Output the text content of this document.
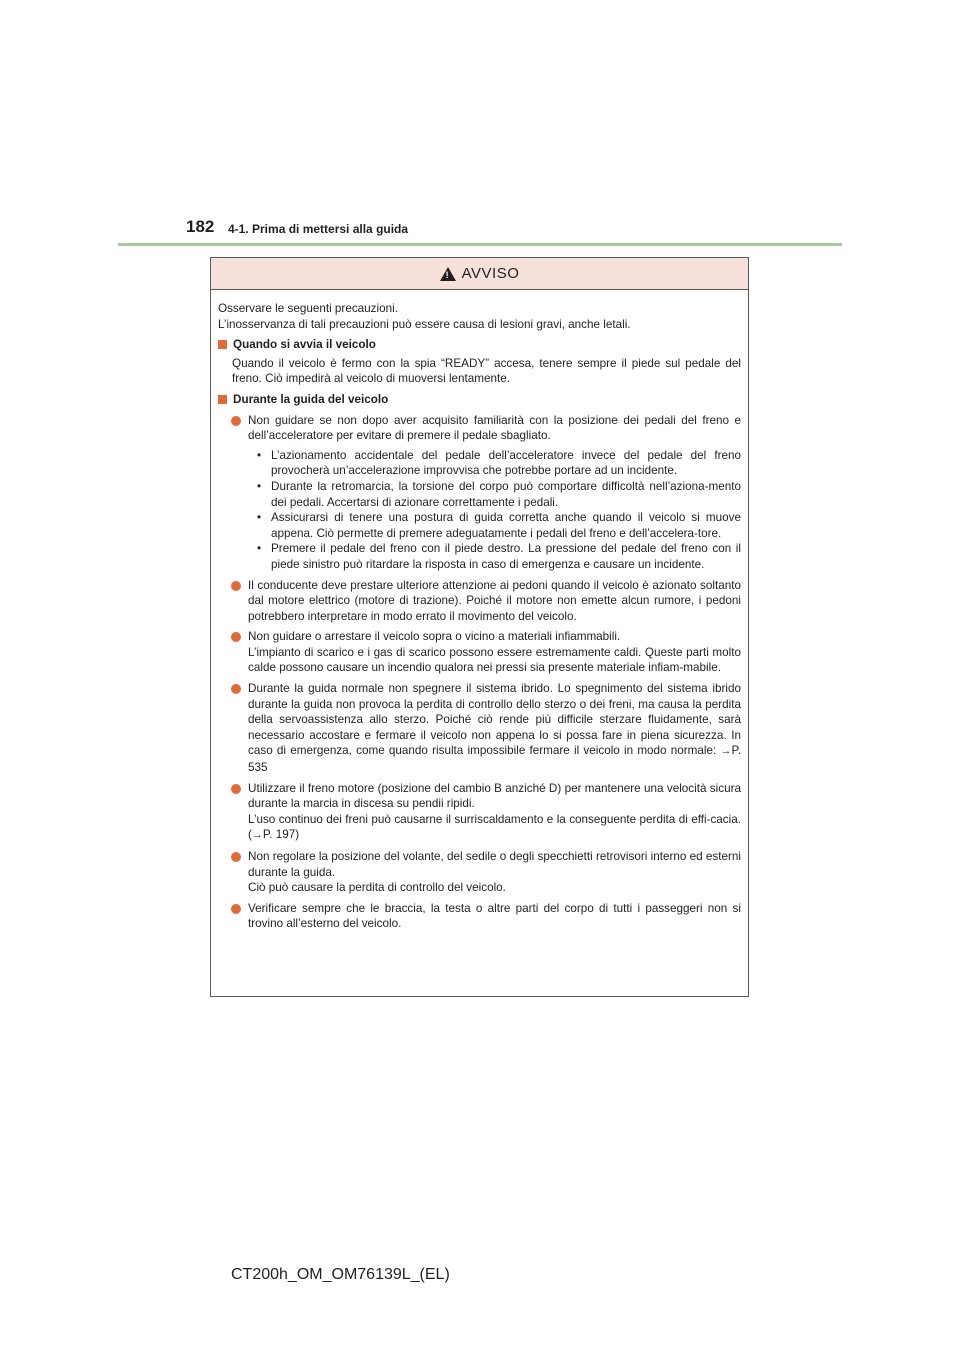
182 4-1. Prima di mettersi alla guida
! AVVISO

Osservare le seguenti precauzioni.

L’inosservanza di tali precauzioni può essere causa di lesioni gravi, anche letali.

Quando si avvia il veicolo

Quando il veicolo è fermo con la spia “READY” accesa, tenere sempre il piede sul pedale del freno. Ciò impedirà al veicolo di muoversi lentamente.

Durante la guida del veicolo

Non guidare se non dopo aver acquisito familiarità con la posizione dei pedali del freno e dell’acceleratore per evitare di premere il pedale sbagliato.

• L’azionamento accidentale del pedale dell’acceleratore invece del pedale del freno provocherà un’accelerazione improvvisa che potrebbe portare ad un incidente.
• Durante la retromarcia, la torsione del corpo può comportare difficoltà nell’aziona-mento dei pedali. Accertarsi di azionare correttamente i pedali.
• Assicurarsi di tenere una postura di guida corretta anche quando il veicolo si muove appena. Ciò permette di premere adeguatamente i pedali del freno e dell’accelera-tore.
• Premere il pedale del freno con il piede destro. La pressione del pedale del freno con il piede sinistro può ritardare la risposta in caso di emergenza e causare un incidente.

Il conducente deve prestare ulteriore attenzione ai pedoni quando il veicolo è azionato soltanto dal motore elettrico (motore di trazione). Poiché il motore non emette alcun rumore, i pedoni potrebbero interpretare in modo errato il movimento del veicolo.

Non guidare o arrestare il veicolo sopra o vicino a materiali infiammabili.

L’impianto di scarico e i gas di scarico possono essere estremamente caldi. Queste parti molto calde possono causare un incendio qualora nei pressi sia presente materiale infiam-mabile.

Durante la guida normale non spegnere il sistema ibrido. Lo spegnimento del sistema ibrido durante la guida non provoca la perdita di controllo dello sterzo o dei freni, ma causa la perdita della servoassistenza allo sterzo. Poiché ciò rende più difficile sterzare fluidamente, sarà necessario accostare e fermare il veicolo non appena lo si possa fare in piena sicurezza. In caso di emergenza, come quando risulta impossibile fermare il veicolo in modo normale: →P. 535

Utilizzare il freno motore (posizione del cambio B anziché D) per mantenere una velocità sicura durante la marcia in discesa su pendii ripidi.

L’uso continuo dei freni può causarne il surriscaldamento e la conseguente perdita di effi-cacia. (→P. 197)

Non regolare la posizione del volante, del sedile o degli specchietti retrovisori interno ed esterni durante la guida.

Ciò può causare la perdita di controllo del veicolo.

Verificare sempre che le braccia, la testa o altre parti del corpo di tutti i passeggeri non si trovino all’esterno del veicolo.

CT200h_OM_OM76139L_(EL)
